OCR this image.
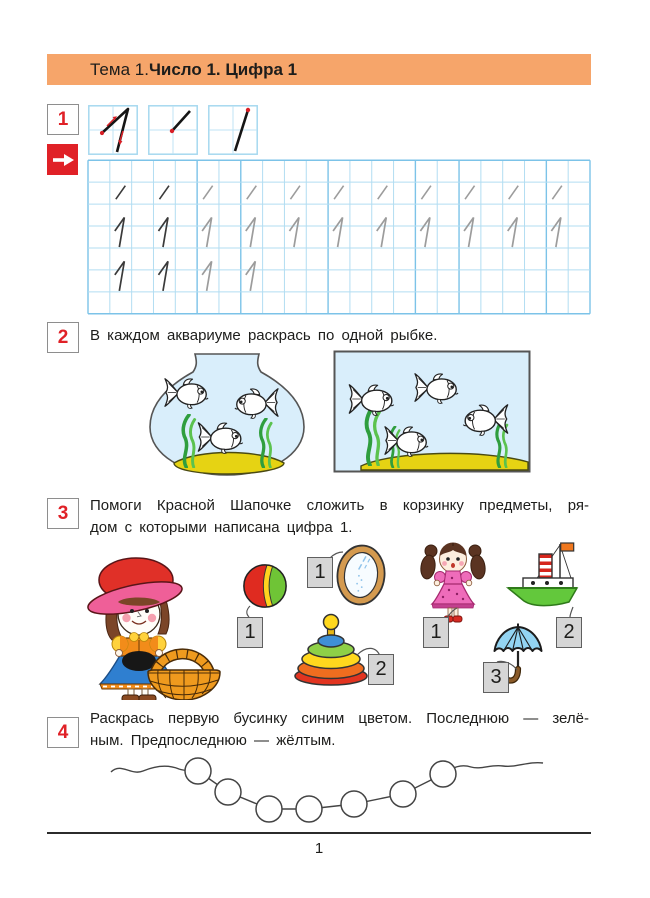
Тема 1. Число 1. Цифра 1
1
2	В каждом аквариуме раскрась по одной рыбке.
3	Помоги Красной Шапочке сложить в корзинку предметы, ря-
дом с которыми написана цифра 1.
1
1
2
1	2
3
4
Раскрась первую бусинку синим цветом. Последнюю — зелё-
ным. Предпоследнюю — жёлтым.
1
